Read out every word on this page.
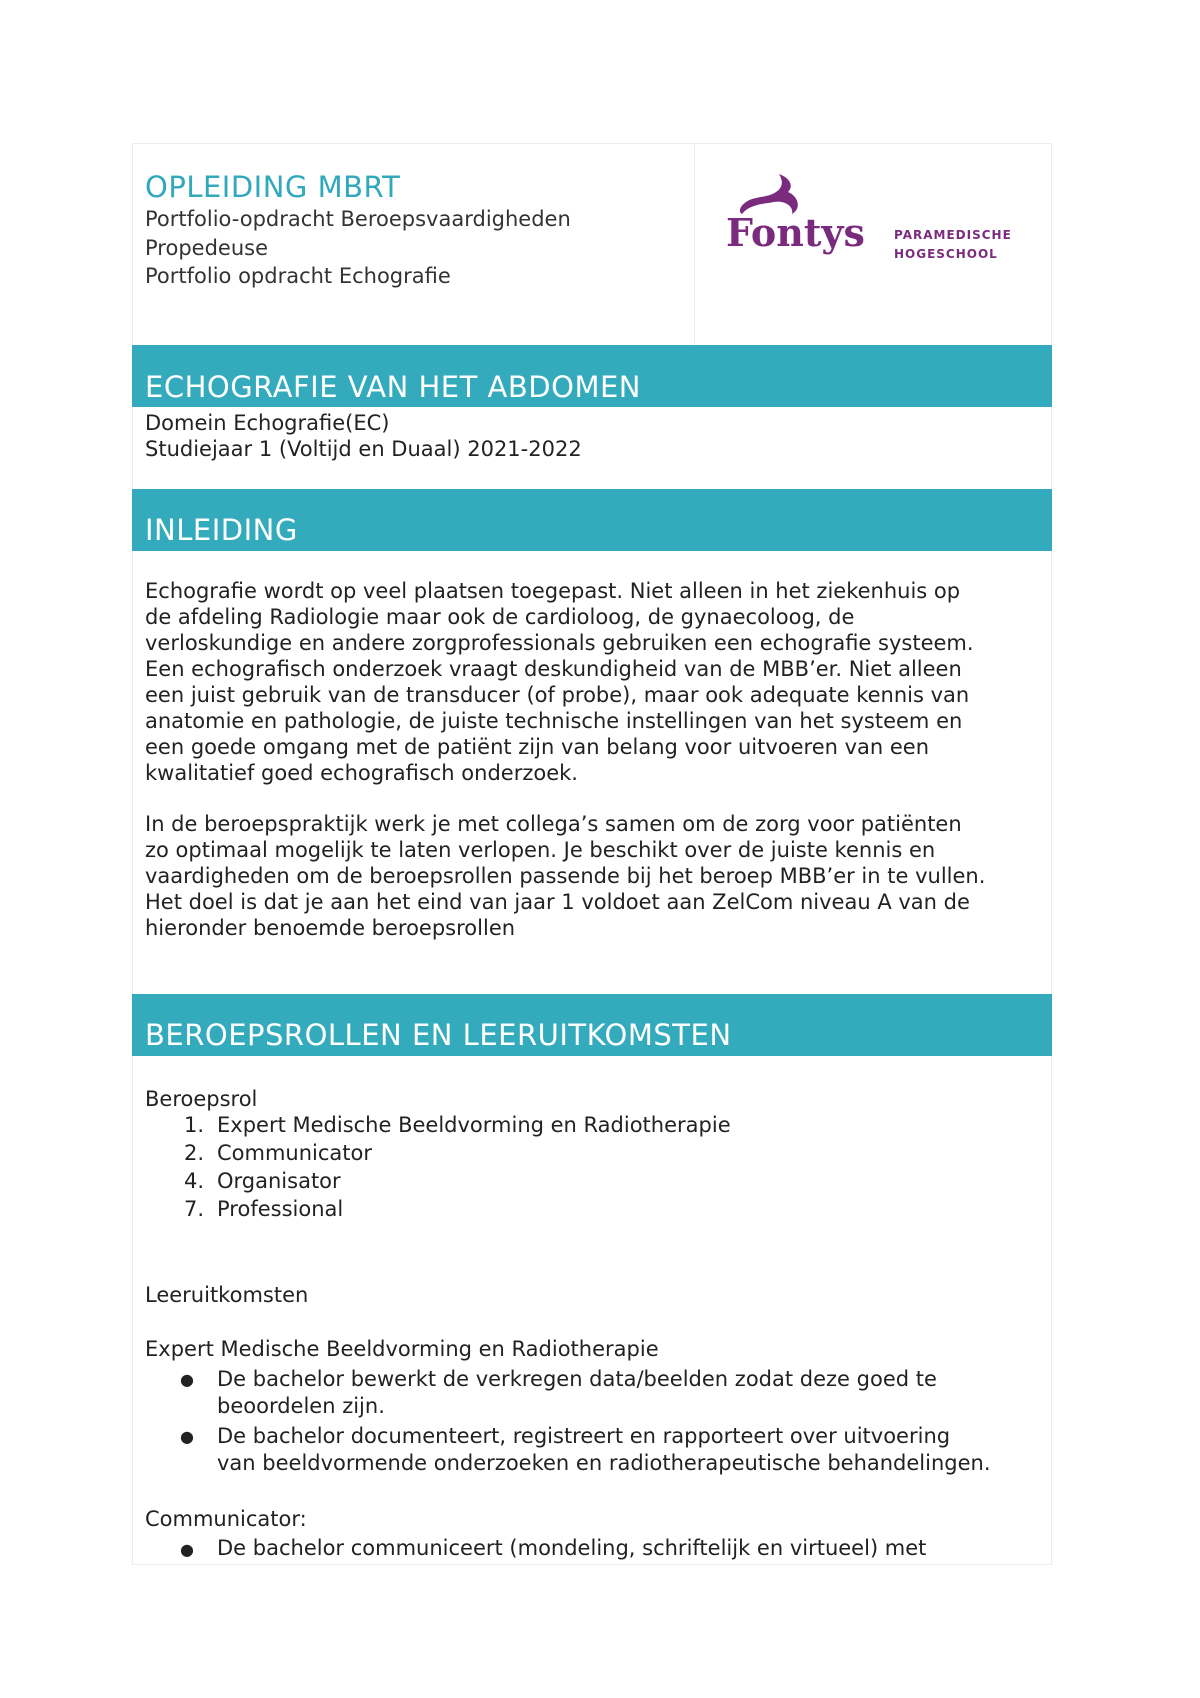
OPLEIDING MBRT
Portfolio-opdracht Beroepsvaardigheden
Propedeuse
Portfolio opdracht Echografie
Fontys PARAMEDISCHE
HOGESCHOOL
ECHOGRAFIE VAN HET ABDOMEN
Domein Echografie(EC)
Studiejaar 1 (Voltijd en Duaal) 2021-2022
INLEIDING

Echografie wordt op veel plaatsen toegepast. Niet alleen in het ziekenhuis op

de afdeling Radiologie maar ook de cardioloog, de gynaecoloog, de

verloskundige en andere zorgprofessionals gebruiken een echografie systeem.

Een echografisch onderzoek vraagt deskundigheid van de MBB’er. Niet alleen

een juist gebruik van de transducer (of probe), maar ook adequate kennis van

anatomie en pathologie, de juiste technische instellingen van het systeem en

een goede omgang met de patiënt zijn van belang voor uitvoeren van een

kwalitatief goed echografisch onderzoek.

In de beroepspraktijk werk je met collega’s samen om de zorg voor patiënten

zo optimaal mogelijk te laten verlopen. Je beschikt over de juiste kennis en

vaardigheden om de beroepsrollen passende bij het beroep MBB’er in te vullen.

Het doel is dat je aan het eind van jaar 1 voldoet aan ZelCom niveau A van de

hieronder benoemde beroepsrollen

BEROEPSROLLEN EN LEERUITKOMSTEN
Beroepsrol
1. Expert Medische Beeldvorming en Radiotherapie
2. Communicator
4. Organisator
7. Professional
Leeruitkomsten
Expert Medische Beeldvorming en Radiotherapie
● De bachelor bewerkt de verkregen data/beelden zodat deze goed te
beoordelen zijn.
● De bachelor documenteert, registreert en rapporteert over uitvoering
van beeldvormende onderzoeken en radiotherapeutische behandelingen.
Communicator:
● De bachelor communiceert (mondeling, schriftelijk en virtueel) met
